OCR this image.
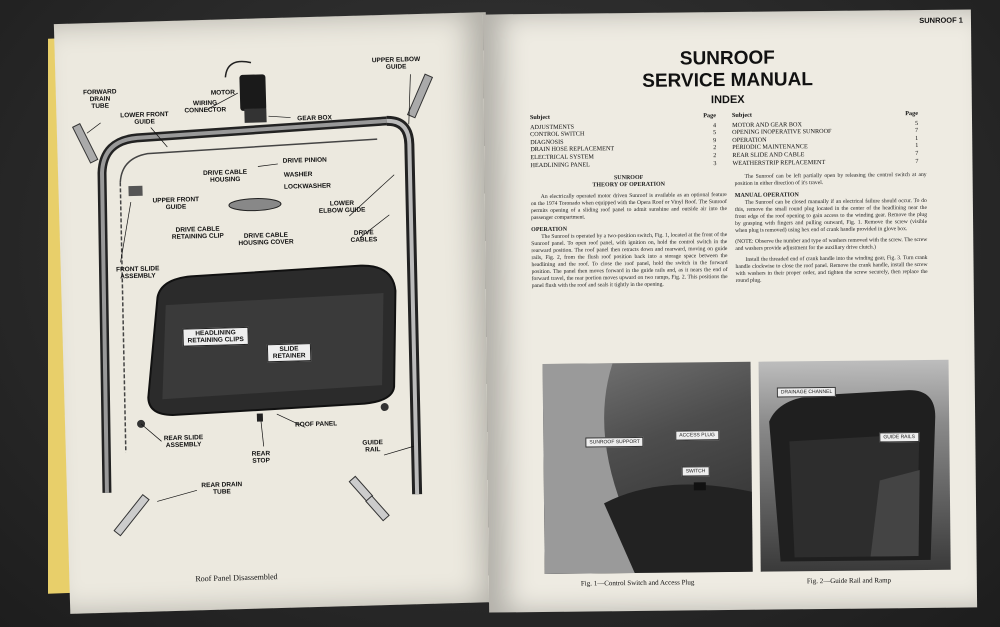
FORWARD DRAIN TUBE	WIRING CONNECTOR
MOTOR
UPPER ELBOW GUIDE
LOWER FRONT GUIDE	GEAR BOX
DRIVE PINION
DRIVE CABLE HOUSING
WASHER
LOCKWASHER
UPPER FRONT GUIDE	LOWER ELBOW GUIDE
DRIVE CABLE RETAINING CLIP	DRIVE CABLES
DRIVE CABLE HOUSING COVER
FRONT SLIDE ASSEMBLY
HEADLINING RETAINING CLIPS
SLIDE RETAINER
REAR SLIDE ASSEMBLY
ROOF PANEL
REAR STOP
GUIDE RAIL
REAR DRAIN TUBE
Roof Panel Disassembled
SUNROOF 1
SUNROOF
SERVICE MANUAL
INDEX
Subject	Page
ADJUSTMENTS	4
CONTROL SWITCH	5
DIAGNOSIS	9
DRAIN HOSE REPLACEMENT	2
ELECTRICAL SYSTEM	2
HEADLINING PANEL	3
Subject	Page
MOTOR AND GEAR BOX	5
OPENING INOPERATIVE SUNROOF	7
OPERATION	1
PERIODIC MAINTENANCE	1
REAR SLIDE AND CABLE	7
WEATHERSTRIP REPLACEMENT	7
SUNROOF
THEORY OF OPERATION
An electrically operated motor driven Sunroof is available as an optional feature on the 1974 Toronado when equipped with the Opera Roof or Vinyl Roof. The Sunroof permits opening of a sliding roof panel to admit sunshine and outside air into the passenger compartment.
OPERATION
The Sunroof is operated by a two-position switch, Fig. 1, located at the front of the Sunroof panel. To open roof panel, with ignition on, hold the control switch in the rearward position. The roof panel then retracts down and rearward, moving on guide rails, Fig. 2, from the flush roof position back into a storage space between the headlining and the roof. To close the roof panel, hold the switch in the forward position. The panel then moves forward in the guide rails and, as it nears the end of forward travel, the rear portion moves upward on two ramps, Fig. 2. This positions the panel flush with the roof and seals it tightly in the opening.
The Sunroof can be left partially open by releasing the control switch at any position in either direction of it's travel.
MANUAL OPERATION
The Sunroof can be closed manually if an electrical failure should occur. To do this, remove the small round plug located in the center of the headlining near the front edge of the roof opening to gain access to the winding gear. Remove the plug by grasping with fingers and pulling outward, Fig. 1. Remove the screw (visible when plug is removed) using hex end of crank handle provided in glove box.
(NOTE: Observe the number and type of washers removed with the screw. The screw and washers provide adjustment for the auxiliary drive clutch.)
Install the threaded end of crank handle into the winding gear, Fig. 3. Turn crank handle clockwise to close the roof panel. Remove the crank handle, install the screw with washers in their proper order, and tighten the screw securely, then replace the round plug.
SUNROOF SUPPORT
ACCESS PLUG
SWITCH
Fig. 1—Control Switch and Access Plug
DRAINAGE CHANNEL
GUIDE RAILS
Fig. 2—Guide Rail and Ramp
